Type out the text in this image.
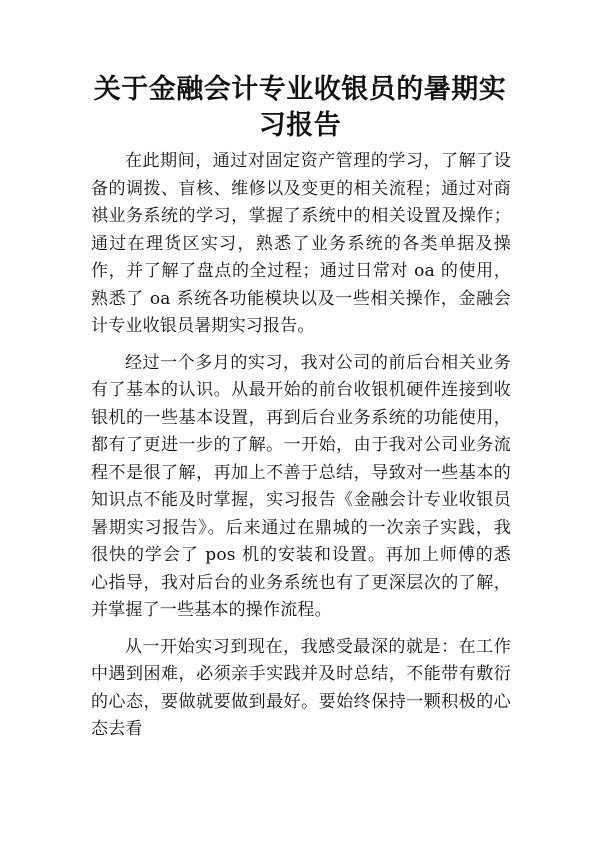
关于金融会计专业收银员的暑期实习报告

在此期间，通过对固定资产管理的学习，了解了设备的调拨、盲核、维修以及变更的相关流程；通过对商祺业务系统的学习，掌握了系统中的相关设置及操作；通过在理货区实习，熟悉了业务系统的各类单据及操作，并了解了盘点的全过程；通过日常对 oa 的使用，熟悉了 oa 系统各功能模块以及一些相关操作，金融会计专业收银员暑期实习报告。

经过一个多月的实习，我对公司的前后台相关业务有了基本的认识。从最开始的前台收银机硬件连接到收银机的一些基本设置，再到后台业务系统的功能使用，都有了更进一步的了解。一开始，由于我对公司业务流程不是很了解，再加上不善于总结，导致对一些基本的知识点不能及时掌握，实习报告《金融会计专业收银员暑期实习报告》。后来通过在鼎城的一次亲子实践，我很快的学会了 pos 机的安装和设置。再加上师傅的悉心指导，我对后台的业务系统也有了更深层次的了解，并掌握了一些基本的操作流程。

从一开始实习到现在，我感受最深的就是：在工作中遇到困难，必须亲手实践并及时总结，不能带有敷衍的心态，要做就要做到最好。要始终保持一颗积极的心态去看
